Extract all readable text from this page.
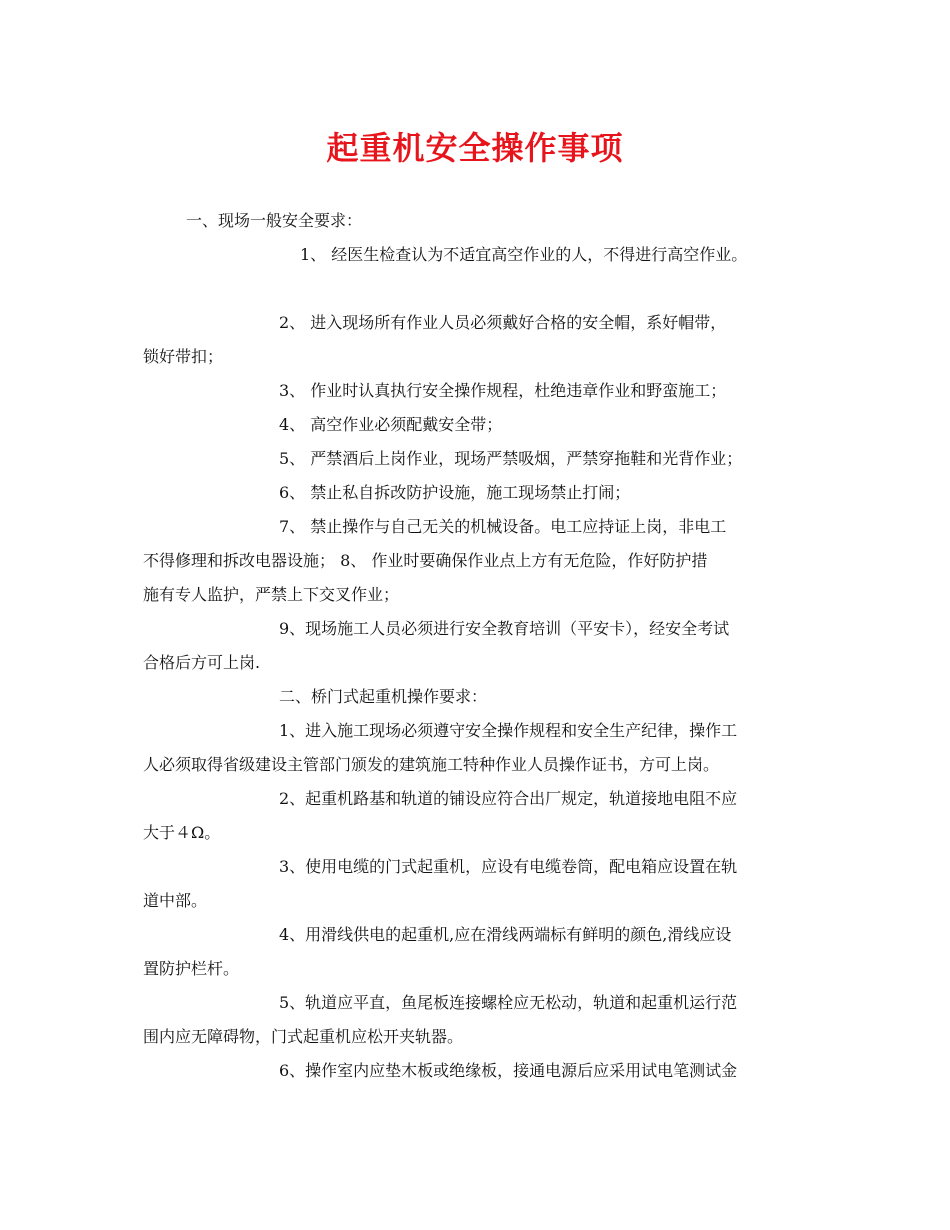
起重机安全操作事项
一、现场一般安全要求：
1、 经医生检查认为不适宜高空作业的人，不得进行高空作业。
2、 进入现场所有作业人员必须戴好合格的安全帽，系好帽带，
锁好带扣；
3、 作业时认真执行安全操作规程，杜绝违章作业和野蛮施工；
4、 高空作业必须配戴安全带；
5、 严禁酒后上岗作业，现场严禁吸烟，严禁穿拖鞋和光背作业；
6、 禁止私自拆改防护设施，施工现场禁止打闹；
7、 禁止操作与自己无关的机械设备。电工应持证上岗，非电工
不得修理和拆改电器设施； 8、 作业时要确保作业点上方有无危险，作好防护措
施有专人监护，严禁上下交叉作业；
9、现场施工人员必须进行安全教育培训（平安卡），经安全考试
合格后方可上岗.
二、桥门式起重机操作要求：
1、进入施工现场必须遵守安全操作规程和安全生产纪律，操作工
人必须取得省级建设主管部门颁发的建筑施工特种作业人员操作证书，方可上岗。
2、起重机路基和轨道的铺设应符合出厂规定，轨道接地电阻不应
大于４Ω。
3、使用电缆的门式起重机，应设有电缆卷筒，配电箱应设置在轨
道中部。
4、用滑线供电的起重机,应在滑线两端标有鲜明的颜色,滑线应设
置防护栏杆。
5、轨道应平直，鱼尾板连接螺栓应无松动，轨道和起重机运行范
围内应无障碍物，门式起重机应松开夹轨器。
6、操作室内应垫木板或绝缘板，接通电源后应采用试电笔测试金
